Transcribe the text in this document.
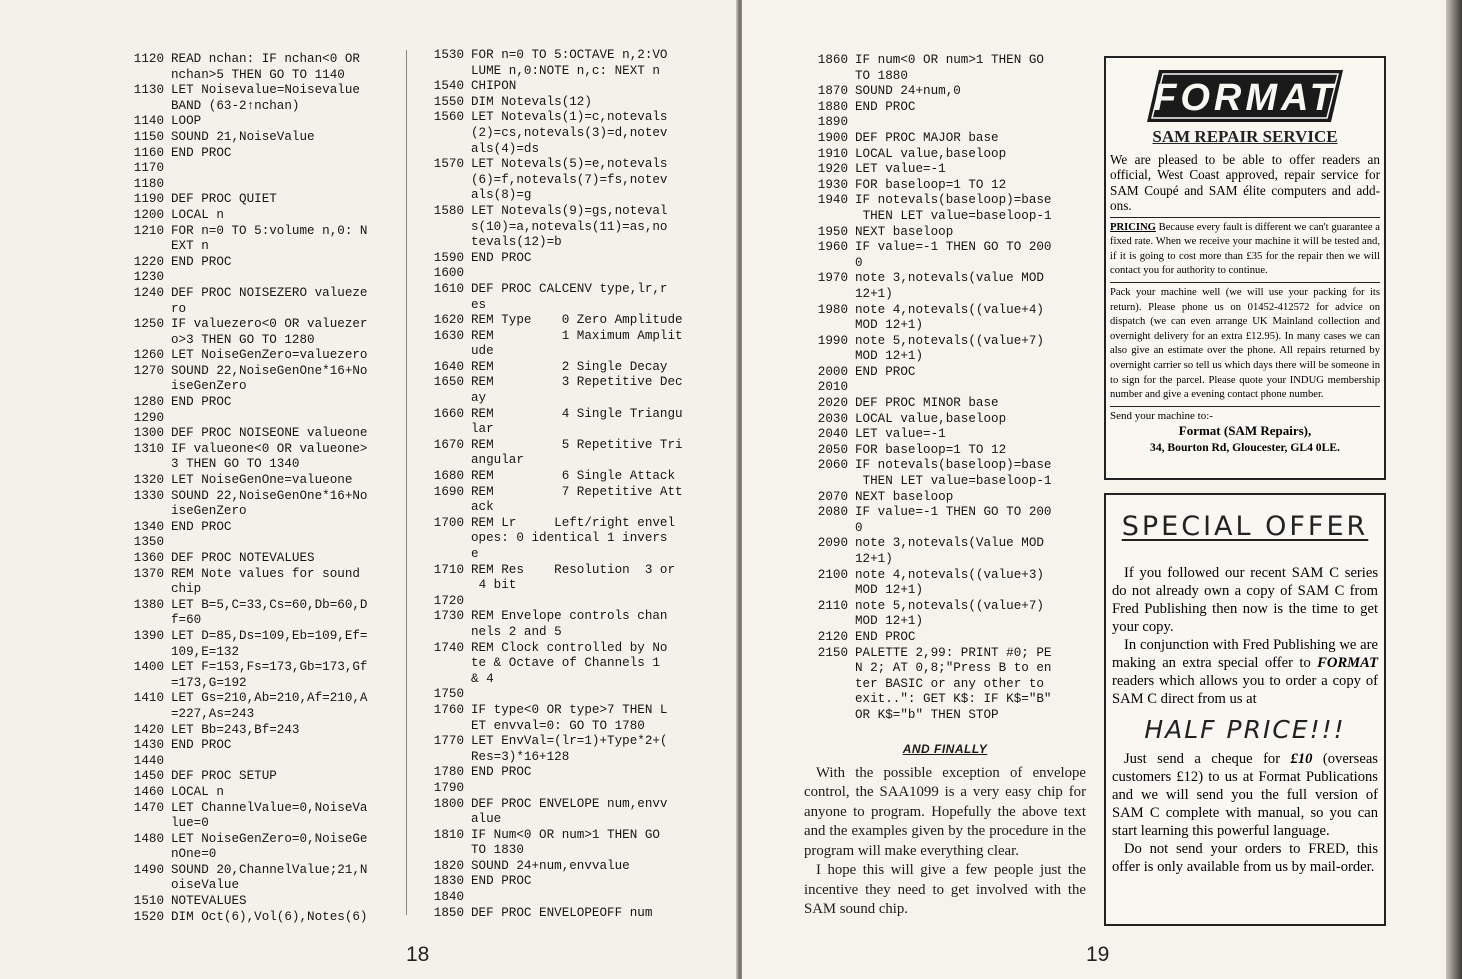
1120 READ nchan: IF nchan<0 OR
nchan>5 THEN GO TO 1140
1130 LET Noisevalue=Noisevalue
BAND (63-2↑nchan)
1140 LOOP
1150 SOUND 21,NoiseValue
1160 END PROC
1170
1180
1190 DEF PROC QUIET
1200 LOCAL n
1210 FOR n=0 TO 5:volume n,0: N
EXT n
1220 END PROC
1230
1240 DEF PROC NOISEZERO valueze
ro
1250 IF valuezero<0 OR valuezer
o>3 THEN GO TO 1280
1260 LET NoiseGenZero=valuezero
1270 SOUND 22,NoiseGenOne*16+No
iseGenZero
1280 END PROC
1290
1300 DEF PROC NOISEONE valueone
1310 IF valueone<0 OR valueone>
3 THEN GO TO 1340
1320 LET NoiseGenOne=valueone
1330 SOUND 22,NoiseGenOne*16+No
iseGenZero
1340 END PROC
1350
1360 DEF PROC NOTEVALUES
1370 REM Note values for sound
chip
1380 LET B=5,C=33,Cs=60,Db=60,D
f=60
1390 LET D=85,Ds=109,Eb=109,Ef=
109,E=132
1400 LET F=153,Fs=173,Gb=173,Gf
=173,G=192
1410 LET Gs=210,Ab=210,Af=210,A
=227,As=243
1420 LET Bb=243,Bf=243
1430 END PROC
1440
1450 DEF PROC SETUP
1460 LOCAL n
1470 LET ChannelValue=0,NoiseVa
lue=0
1480 LET NoiseGenZero=0,NoiseGe
nOne=0
1490 SOUND 20,ChannelValue;21,N
oiseValue
1510 NOTEVALUES
1520 DIM Oct(6),Vol(6),Notes(6)
1530 FOR n=0 TO 5:OCTAVE n,2:VO
LUME n,0:NOTE n,c: NEXT n
1540 CHIPON
1550 DIM Notevals(12)
1560 LET Notevals(1)=c,notevals
(2)=cs,notevals(3)=d,notev
als(4)=ds
1570 LET Notevals(5)=e,notevals
(6)=f,notevals(7)=fs,notev
als(8)=g
1580 LET Notevals(9)=gs,noteval
s(10)=a,notevals(11)=as,no
tevals(12)=b
1590 END PROC
1600
1610 DEF PROC CALCENV type,lr,r
es
1620 REM Type    0 Zero Amplitude
1630 REM         1 Maximum Amplit
ude
1640 REM         2 Single Decay
1650 REM         3 Repetitive Dec
ay
1660 REM         4 Single Triangu
lar
1670 REM         5 Repetitive Tri
angular
1680 REM         6 Single Attack
1690 REM         7 Repetitive Att
ack
1700 REM Lr     Left/right envel
opes: 0 identical 1 invers
e
1710 REM Res    Resolution  3 or
4 bit
1720
1730 REM Envelope controls chan
nels 2 and 5
1740 REM Clock controlled by No
te & Octave of Channels 1
& 4
1750
1760 IF type<0 OR type>7 THEN L
ET envval=0: GO TO 1780
1770 LET EnvVal=(lr=1)+Type*2+(
Res=3)*16+128
1780 END PROC
1790
1800 DEF PROC ENVELOPE num,envv
alue
1810 IF Num<0 OR num>1 THEN GO
TO 1830
1820 SOUND 24+num,envvalue
1830 END PROC
1840
1850 DEF PROC ENVELOPEOFF num
18
1860 IF num<0 OR num>1 THEN GO
TO 1880
1870 SOUND 24+num,0
1880 END PROC
1890
1900 DEF PROC MAJOR base
1910 LOCAL value,baseloop
1920 LET value=-1
1930 FOR baseloop=1 TO 12
1940 IF notevals(baseloop)=base
THEN LET value=baseloop-1
1950 NEXT baseloop
1960 IF value=-1 THEN GO TO 200
0
1970 note 3,notevals(value MOD
12+1)
1980 note 4,notevals((value+4)
MOD 12+1)
1990 note 5,notevals((value+7)
MOD 12+1)
2000 END PROC
2010
2020 DEF PROC MINOR base
2030 LOCAL value,baseloop
2040 LET value=-1
2050 FOR baseloop=1 TO 12
2060 IF notevals(baseloop)=base
THEN LET value=baseloop-1
2070 NEXT baseloop
2080 IF value=-1 THEN GO TO 200
0
2090 note 3,notevals(Value MOD
12+1)
2100 note 4,notevals((value+3)
MOD 12+1)
2110 note 5,notevals((value+7)
MOD 12+1)
2120 END PROC
2150 PALETTE 2,99: PRINT #0; PE
N 2; AT 0,8;"Press B to en
ter BASIC or any other to
exit..": GET K$: IF K$="B"
OR K$="b" THEN STOP
AND FINALLY

With the possible exception of envelope control, the SAA1099 is a very easy chip for anyone to program. Hopefully the above text and the examples given by the procedure in the program will make everything clear.

I hope this will give a few people just the incentive they need to get involved with the SAM sound chip.

FORMAT
SAM REPAIR SERVICE
We are pleased to be able to offer readers an official, West Coast approved, repair service for SAM Coupé and SAM élite computers and add-ons.
PRICING Because every fault is different we can't guarantee a fixed rate. When we receive your machine it will be tested and, if it is going to cost more than £35 for the repair then we will contact you for authority to continue.
Pack your machine well (we will use your packing for its return). Please phone us on 01452-412572 for advice on dispatch (we can even arrange UK Mainland collection and overnight delivery for an extra £12.95). In many cases we can also give an estimate over the phone. All repairs returned by overnight carrier so tell us which days there will be someone in to sign for the parcel. Please quote your INDUG membership number and give a evening contact phone number.
Send your machine to:-
Format (SAM Repairs),
34, Bourton Rd, Gloucester, GL4 0LE.
SPECIAL OFFER

If you followed our recent SAM C series do not already own a copy of SAM C from Fred Publishing then now is the time to get your copy.

In conjunction with Fred Publishing we are making an extra special offer to FORMAT readers which allows you to order a copy of SAM C direct from us at

HALF PRICE!!!

Just send a cheque for £10 (overseas customers £12) to us at Format Publications and we will send you the full version of SAM C complete with manual, so you can start learning this powerful language.

Do not send your orders to FRED, this offer is only available from us by mail-order.

19
